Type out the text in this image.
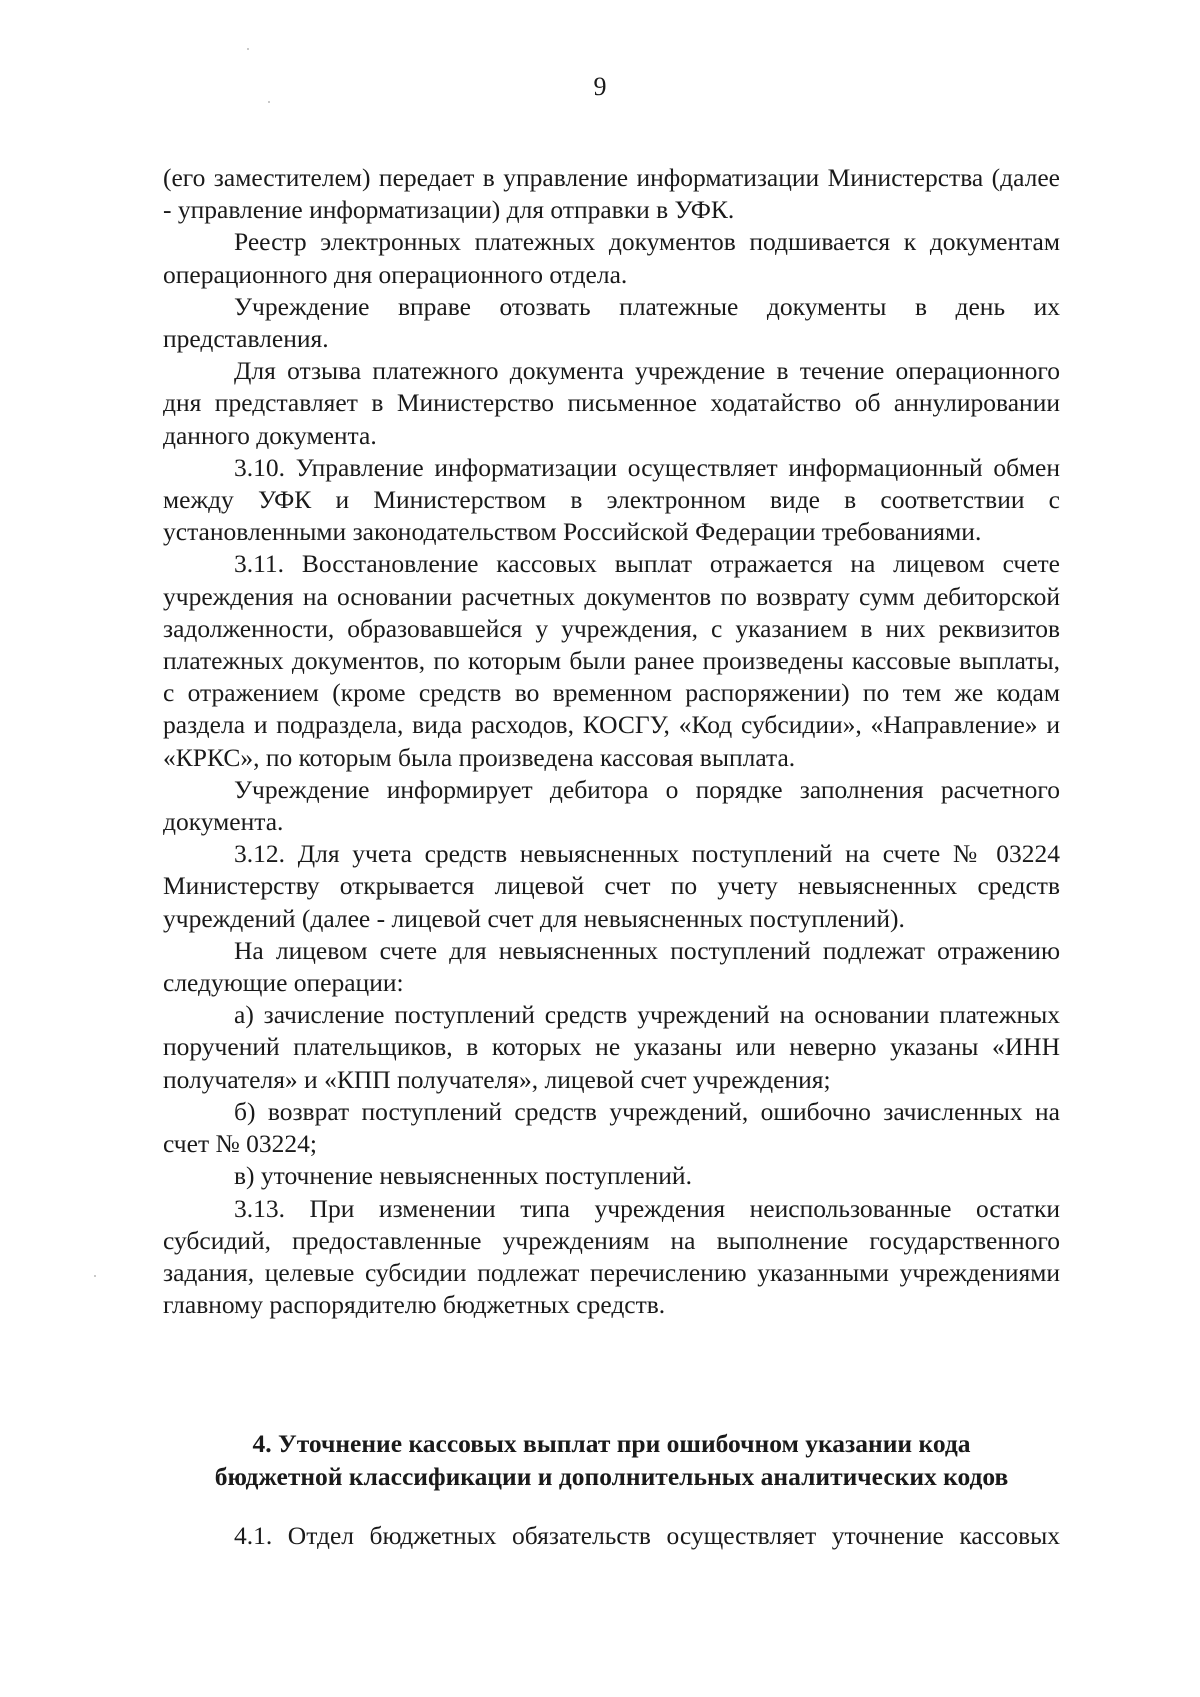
9

(его заместителем) передает в управление информатизации Министерства (далее - управление информатизации) для отправки в УФК.

Реестр электронных платежных документов подшивается к документам операционного дня операционного отдела.

Учреждение вправе отозвать платежные документы в день их представления.

Для отзыва платежного документа учреждение в течение операционного дня представляет в Министерство письменное ходатайство об аннулировании данного документа.

3.10. Управление информатизации осуществляет информационный обмен между УФК и Министерством в электронном виде в соответствии с установленными законодательством Российской Федерации требованиями.

3.11. Восстановление кассовых выплат отражается на лицевом счете учреждения на основании расчетных документов по возврату сумм дебиторской задолженности, образовавшейся у учреждения, с указанием в них реквизитов платежных документов, по которым были ранее произведены кассовые выплаты, с отражением (кроме средств во временном распоряжении) по тем же кодам раздела и подраздела, вида расходов, КОСГУ, «Код субсидии», «Направление» и «КРКС», по которым была произведена кассовая выплата.

Учреждение информирует дебитора о порядке заполнения расчетного документа.

3.12. Для учета средств невыясненных поступлений на счете № 03224 Министерству открывается лицевой счет по учету невыясненных средств учреждений (далее - лицевой счет для невыясненных поступлений).

На лицевом счете для невыясненных поступлений подлежат отражению следующие операции:

а) зачисление поступлений средств учреждений на основании платежных поручений плательщиков, в которых не указаны или неверно указаны «ИНН получателя» и «КПП получателя», лицевой счет учреждения;

б) возврат поступлений средств учреждений, ошибочно зачисленных на счет № 03224;

в) уточнение невыясненных поступлений.

3.13. При изменении типа учреждения неиспользованные остатки субсидий, предоставленные учреждениям на выполнение государственного задания, целевые субсидии подлежат перечислению указанными учреждениями главному распорядителю бюджетных средств.

4. Уточнение кассовых выплат при ошибочном указании кода
бюджетной классификации и дополнительных аналитических кодов
4.1. Отдел бюджетных обязательств осуществляет уточнение кассовых
